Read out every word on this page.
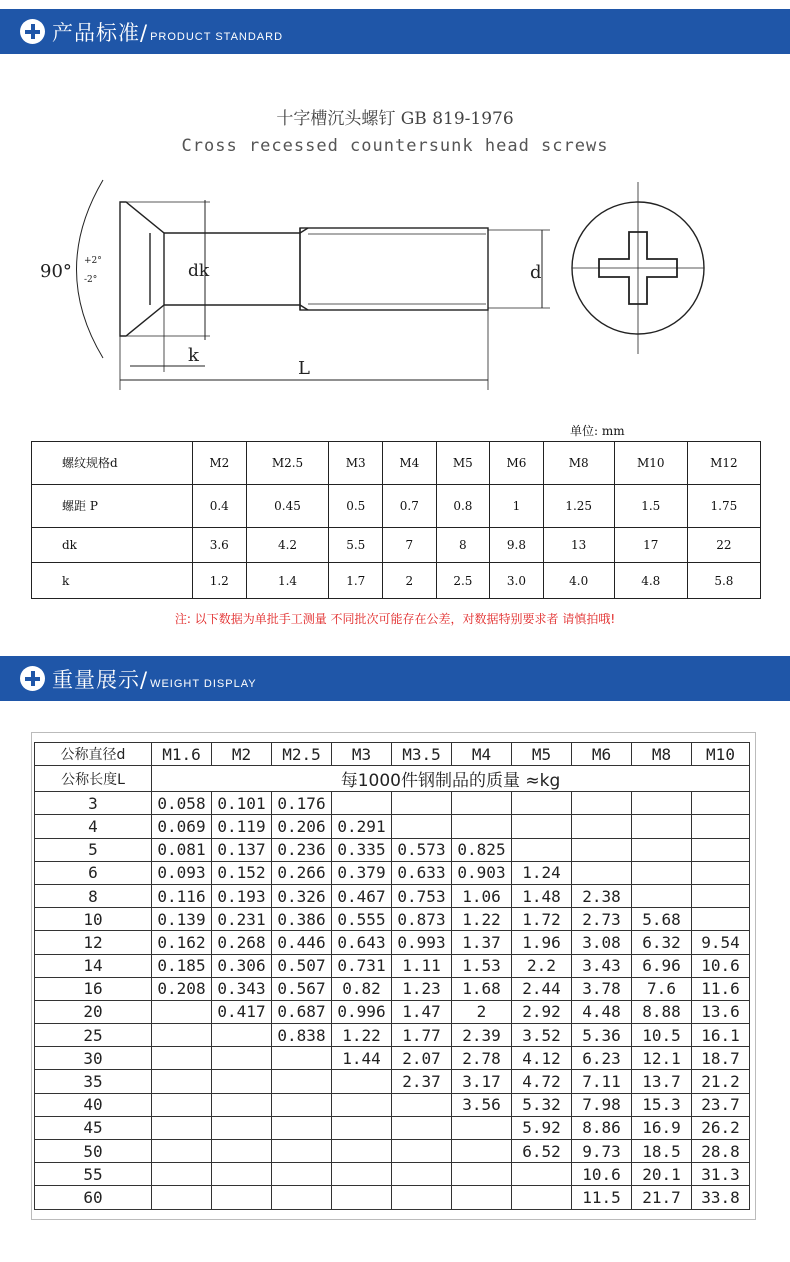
产品标准/ PRODUCT STANDARD
十字槽沉头螺钉 GB 819-1976
Cross recessed countersunk head screws
90° +2°
-2°	dk	d
k
L
单位: mm
螺纹规格d	M2	M2.5	M3	M4	M5	M6	M8	M10	M12
螺距 P	0.4	0.45	0.5	0.7	0.8	1	1.25	1.5	1.75
dk	3.6	4.2	5.5	7	8	9.8	13	17	22
k	1.2	1.4	1.7	2	2.5	3.0	4.0	4.8	5.8
注: 以下数据为单批手工测量 不同批次可能存在公差，对数据特别要求者 请慎拍哦!
重量展示/ WEIGHT DISPLAY
公称直径d	M1.6	M2	M2.5	M3	M3.5	M4	M5	M6	M8	M10
公称长度L	每1000件钢制品的质量 ≈kg									
3	0.058	0.101	0.176							
4	0.069	0.119	0.206	0.291						
5	0.081	0.137	0.236	0.335	0.573	0.825				
6	0.093	0.152	0.266	0.379	0.633	0.903	1.24			
8	0.116	0.193	0.326	0.467	0.753	1.06	1.48	2.38		
10	0.139	0.231	0.386	0.555	0.873	1.22	1.72	2.73	5.68	
12	0.162	0.268	0.446	0.643	0.993	1.37	1.96	3.08	6.32	9.54
14	0.185	0.306	0.507	0.731	1.11	1.53	2.2	3.43	6.96	10.6
16	0.208	0.343	0.567	0.82	1.23	1.68	2.44	3.78	7.6	11.6
20		0.417	0.687	0.996	1.47	2	2.92	4.48	8.88	13.6
25			0.838	1.22	1.77	2.39	3.52	5.36	10.5	16.1
30				1.44	2.07	2.78	4.12	6.23	12.1	18.7
35					2.37	3.17	4.72	7.11	13.7	21.2
40						3.56	5.32	7.98	15.3	23.7
45							5.92	8.86	16.9	26.2
50							6.52	9.73	18.5	28.8
55								10.6	20.1	31.3
60								11.5	21.7	33.8
